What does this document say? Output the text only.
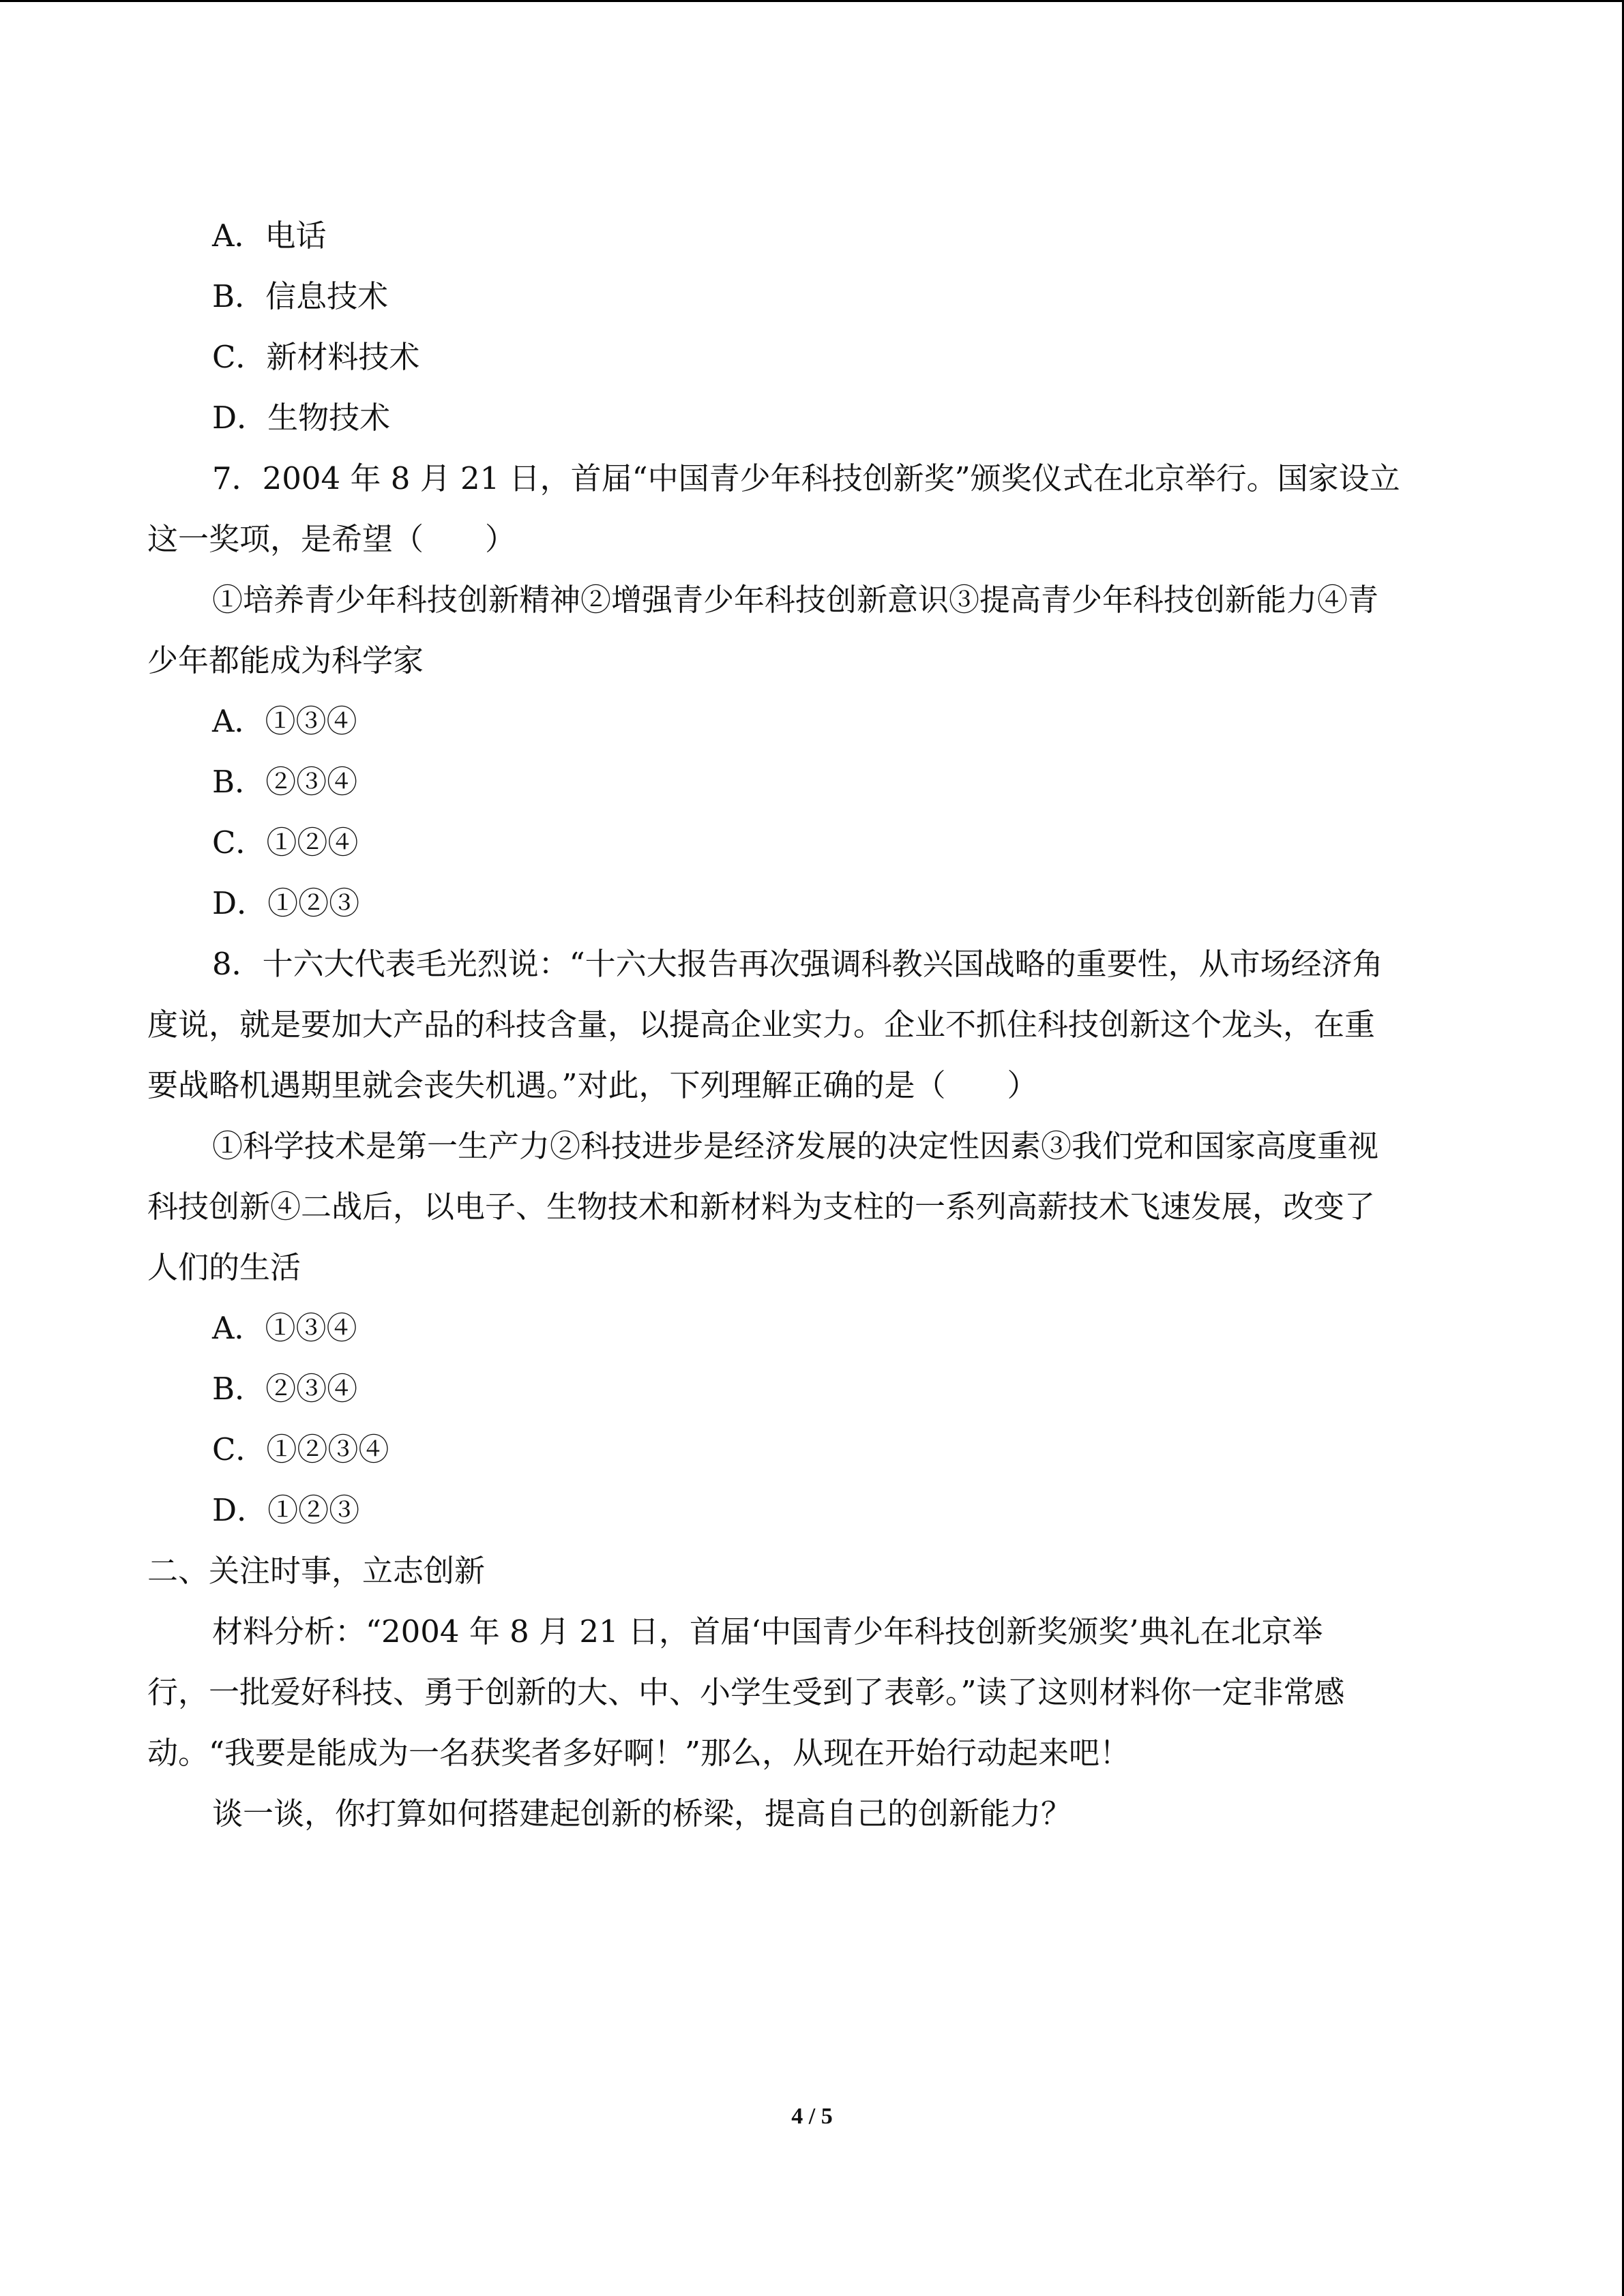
A．电话
B．信息技术
C．新材料技术
D．生物技术
7．2004 年 8 月 21 日，首届“中国青少年科技创新奖”颁奖仪式在北京举行。国家设立
这一奖项，是希望（　　）
①培养青少年科技创新精神②增强青少年科技创新意识③提高青少年科技创新能力④青
少年都能成为科学家
A．①③④
B．②③④
C．①②④
D．①②③
8．十六大代表毛光烈说：“十六大报告再次强调科教兴国战略的重要性，从市场经济角
度说，就是要加大产品的科技含量，以提高企业实力。企业不抓住科技创新这个龙头，在重
要战略机遇期里就会丧失机遇。”对此，下列理解正确的是（　　）
①科学技术是第一生产力②科技进步是经济发展的决定性因素③我们党和国家高度重视
科技创新④二战后，以电子、生物技术和新材料为支柱的一系列高薪技术飞速发展，改变了
人们的生活
A．①③④
B．②③④
C．①②③④
D．①②③
二、关注时事，立志创新
材料分析：“2004 年 8 月 21 日，首届‘中国青少年科技创新奖颁奖’典礼在北京举
行，一批爱好科技、勇于创新的大、中、小学生受到了表彰。”读了这则材料你一定非常感
动。“我要是能成为一名获奖者多好啊！”那么，从现在开始行动起来吧！
谈一谈，你打算如何搭建起创新的桥梁，提高自己的创新能力？
4 / 5
